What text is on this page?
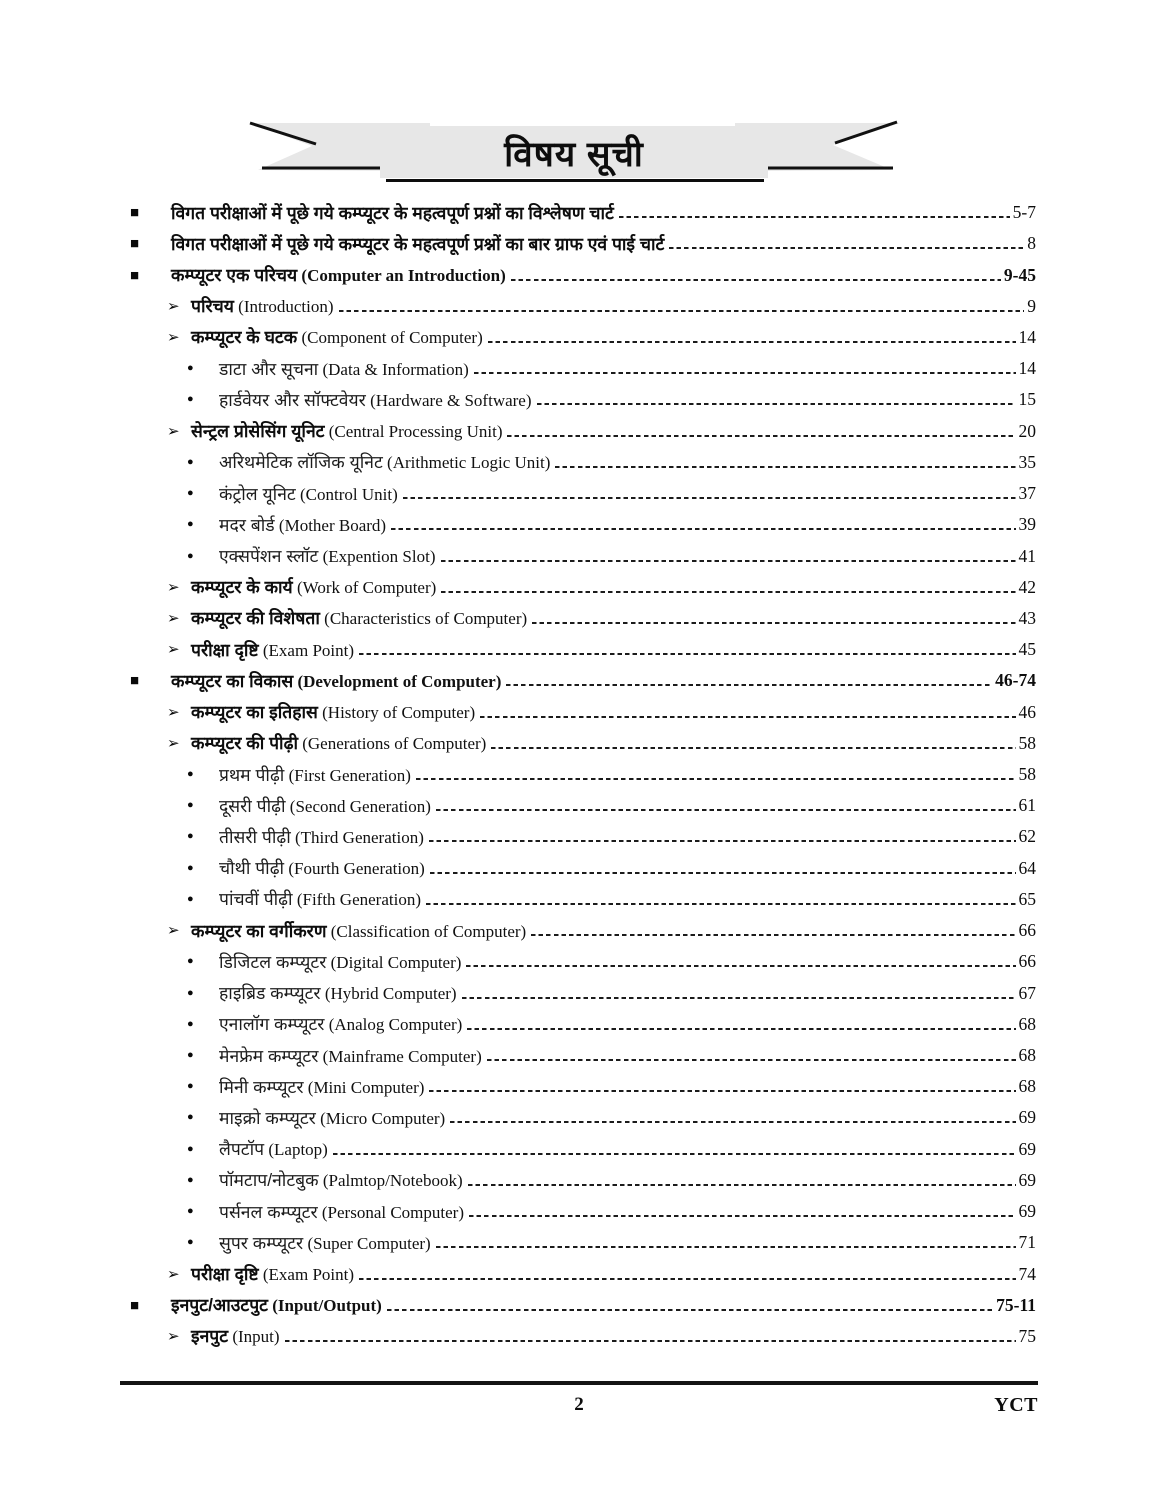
विषय सूची
■	विगत परीक्षाओं में पूछे गये कम्प्यूटर के महत्वपूर्ण प्रश्नों का विश्लेषण चार्ट	5-7
■	विगत परीक्षाओं में पूछे गये कम्प्यूटर के महत्वपूर्ण प्रश्नों का बार ग्राफ एवं पाई चार्ट	8
■	कम्प्यूटर एक परिचय (Computer an Introduction)	9-45
➢ परिचय (Introduction)	9
➢ कम्प्यूटर के घटक (Component of Computer)	14
●	डाटा और सूचना (Data & Information)	14
●	हार्डवेयर और सॉफ्टवेयर (Hardware & Software)	15
➢ सेन्ट्रल प्रोसेसिंग यूनिट (Central Processing Unit)	20
●	अरिथमेटिक लॉजिक यूनिट (Arithmetic Logic Unit)	35
●	कंट्रोल यूनिट (Control Unit)	37
●	मदर बोर्ड (Mother Board)	39
●	एक्सपेंशन स्लॉट (Expention Slot)	41
➢ कम्प्यूटर के कार्य (Work of Computer)	42
➢ कम्प्यूटर की विशेषता (Characteristics of Computer)	43
➢ परीक्षा दृष्टि (Exam Point)	45
■	कम्प्यूटर का विकास (Development of Computer)	46-74
➢ कम्प्यूटर का इतिहास (History of Computer)	46
➢ कम्प्यूटर की पीढ़ी (Generations of Computer)	58
●	प्रथम पीढ़ी (First Generation)	58
●	दूसरी पीढ़ी (Second Generation)	61
●	तीसरी पीढ़ी (Third Generation)	62
●	चौथी पीढ़ी (Fourth Generation)	64
●	पांचवीं पीढ़ी (Fifth Generation)	65
➢ कम्प्यूटर का वर्गीकरण (Classification of Computer)	66
●	डिजिटल कम्प्यूटर (Digital Computer)	66
●	हाइब्रिड कम्प्यूटर (Hybrid Computer)	67
●	एनालॉग कम्प्यूटर (Analog Computer)	68
●	मेनफ्रेम कम्प्यूटर (Mainframe Computer)	68
●	मिनी कम्प्यूटर (Mini Computer)	68
●	माइक्रो कम्प्यूटर (Micro Computer)	69
●	लैपटॉप (Laptop)	69
●	पॉमटाप/नोटबुक (Palmtop/Notebook)	69
●	पर्सनल कम्प्यूटर (Personal Computer)	69
●	सुपर कम्प्यूटर (Super Computer)	71
➢ परीक्षा दृष्टि (Exam Point)	74
■	इनपुट/आउटपुट (Input/Output)	75-11
➢ इनपुट (Input)	75
2	YCT
